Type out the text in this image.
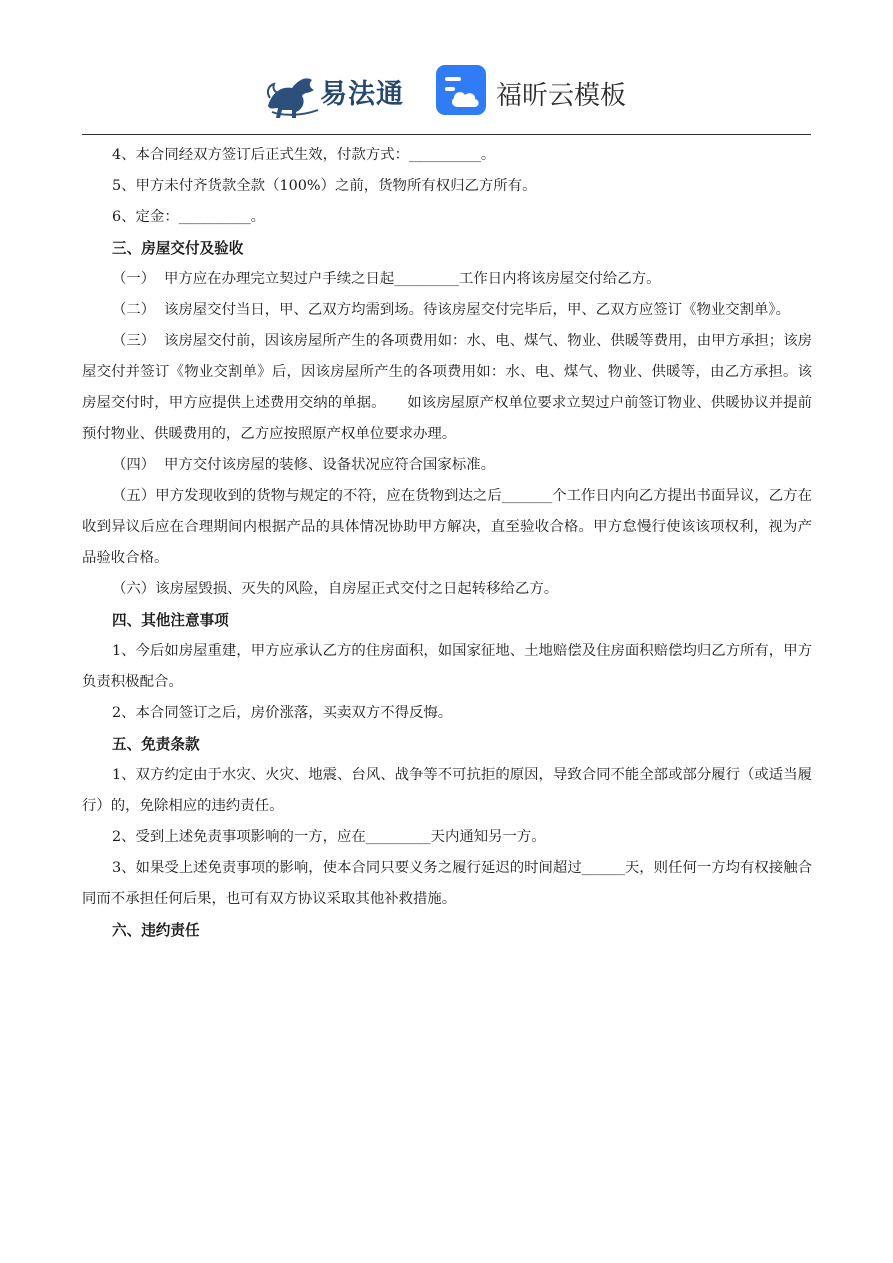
易法通	福昕云模板

4、本合同经双方签订后正式生效，付款方式：__________。

5、甲方未付齐货款全款（100%）之前，货物所有权归乙方所有。

6、定金：__________。

三、房屋交付及验收

（一） 甲方应在办理完立契过户手续之日起_________工作日内将该房屋交付给乙方。

（二） 该房屋交付当日，甲、乙双方均需到场。待该房屋交付完毕后，甲、乙双方应签订《物业交割单》。

（三） 该房屋交付前，因该房屋所产生的各项费用如：水、电、煤气、物业、供暖等费用，由甲方承担；该房屋交付并签订《物业交割单》后，因该房屋所产生的各项费用如：水、电、煤气、物业、供暖等，由乙方承担。该房屋交付时，甲方应提供上述费用交纳的单据。　　如该房屋原产权单位要求立契过户前签订物业、供暖协议并提前预付物业、供暖费用的，乙方应按照原产权单位要求办理。

（四） 甲方交付该房屋的装修、设备状况应符合国家标准。

（五）甲方发现收到的货物与规定的不符，应在货物到达之后_______个工作日内向乙方提出书面异议，乙方在收到异议后应在合理期间内根据产品的具体情况协助甲方解决，直至验收合格。甲方怠慢行使该该项权利，视为产品验收合格。

（六）该房屋毁损、灭失的风险，自房屋正式交付之日起转移给乙方。

四、其他注意事项

1、今后如房屋重建，甲方应承认乙方的住房面积，如国家征地、土地赔偿及住房面积赔偿均归乙方所有，甲方负责积极配合。

2、本合同签订之后，房价涨落，买卖双方不得反悔。

五、免责条款

1、双方约定由于水灾、火灾、地震、台风、战争等不可抗拒的原因，导致合同不能全部或部分履行（或适当履行）的，免除相应的违约责任。

2、受到上述免责事项影响的一方，应在_________天内通知另一方。

3、如果受上述免责事项的影响，使本合同只要义务之履行延迟的时间超过______天，则任何一方均有权接触合同而不承担任何后果，也可有双方协议采取其他补救措施。

六、违约责任
